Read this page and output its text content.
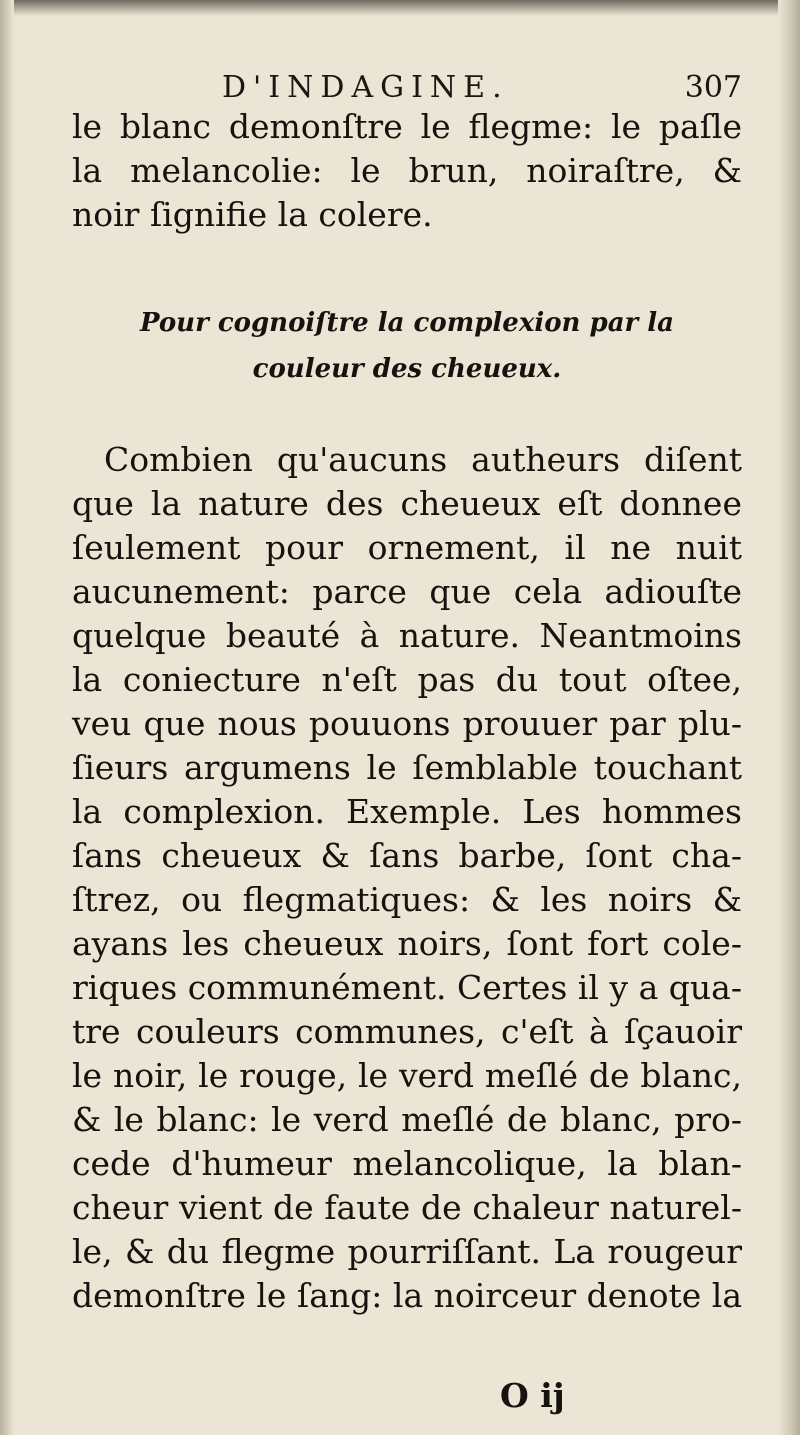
D'INDAGINE.	307
le blanc demonſtre le flegme: le paſle
la melancolie: le brun, noiraſtre, &
noir ſignifie la colere.
Pour cognoiſtre la complexion par la
couleur des cheueux.
Combien qu'aucuns autheurs diſent
que la nature des cheueux eſt donnee
ſeulement pour ornement, il ne nuit
aucunement: parce que cela adiouſte
quelque beauté à nature. Neantmoins
la coniecture n'eſt pas du tout oſtee,
veu que nous pouuons prouuer par plu-
ſieurs argumens le ſemblable touchant
la complexion. Exemple. Les hommes
ſans cheueux & ſans barbe, ſont cha-
ſtrez, ou flegmatiques: & les noirs &
ayans les cheueux noirs, ſont fort cole-
riques communément. Certes il y a qua-
tre couleurs communes, c'eſt à ſçauoir
le noir, le rouge, le verd meſlé de blanc,
& le blanc: le verd meſlé de blanc, pro-
cede d'humeur melancolique, la blan-
cheur vient de faute de chaleur naturel-
le, & du flegme pourriſſant. La rougeur
demonſtre le ſang: la noirceur denote la
O ij
